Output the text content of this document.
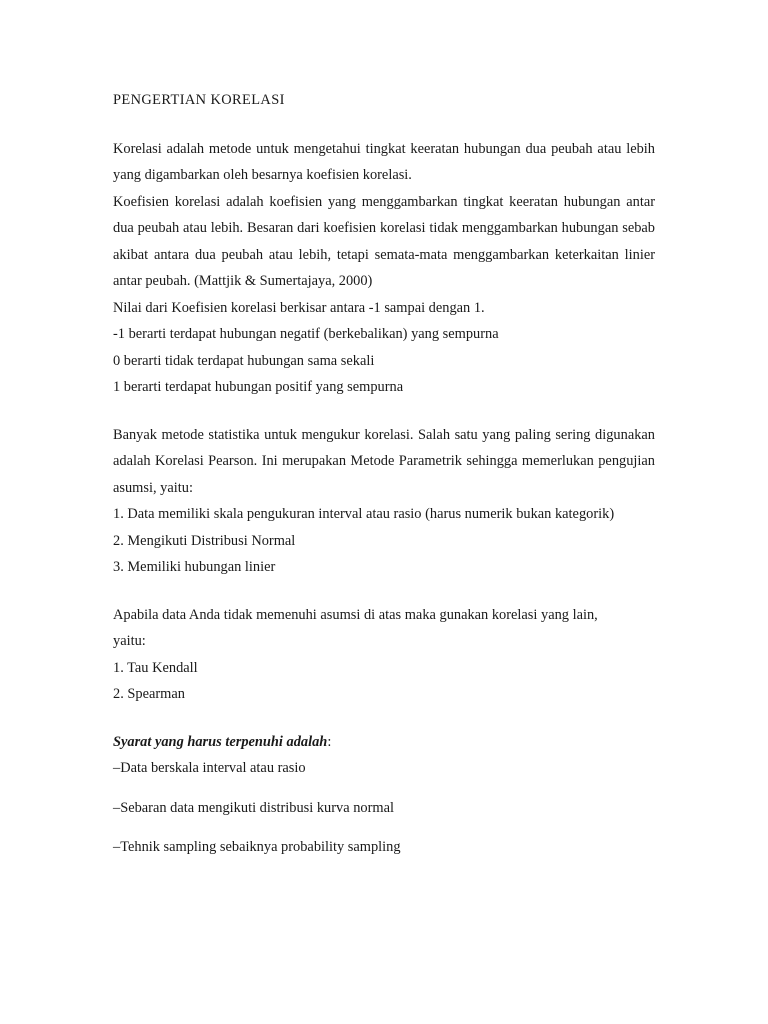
PENGERTIAN KORELASI

Korelasi adalah metode untuk mengetahui tingkat keeratan hubungan dua peubah atau lebih yang digambarkan oleh besarnya koefisien korelasi.

Koefisien korelasi adalah koefisien yang menggambarkan tingkat keeratan hubungan antar dua peubah atau lebih. Besaran dari koefisien korelasi tidak menggambarkan hubungan sebab akibat antara dua peubah atau lebih, tetapi semata-mata menggambarkan keterkaitan linier antar peubah. (Mattjik & Sumertajaya, 2000)

Nilai dari Koefisien korelasi berkisar antara -1 sampai dengan 1.

-1 berarti terdapat hubungan negatif (berkebalikan) yang sempurna

0 berarti tidak terdapat hubungan sama sekali

1 berarti terdapat hubungan positif yang sempurna

Banyak metode statistika untuk mengukur korelasi. Salah satu yang paling sering digunakan adalah Korelasi Pearson. Ini merupakan Metode Parametrik sehingga memerlukan pengujian asumsi, yaitu:

1. Data memiliki skala pengukuran interval atau rasio (harus numerik bukan kategorik)

2. Mengikuti Distribusi Normal

3. Memiliki hubungan linier

Apabila data Anda tidak memenuhi asumsi di atas maka gunakan korelasi yang lain,

yaitu:

1. Tau Kendall

2. Spearman

Syarat yang harus terpenuhi adalah:

–Data berskala interval atau rasio

–Sebaran data mengikuti distribusi kurva normal

–Tehnik sampling sebaiknya probability sampling
